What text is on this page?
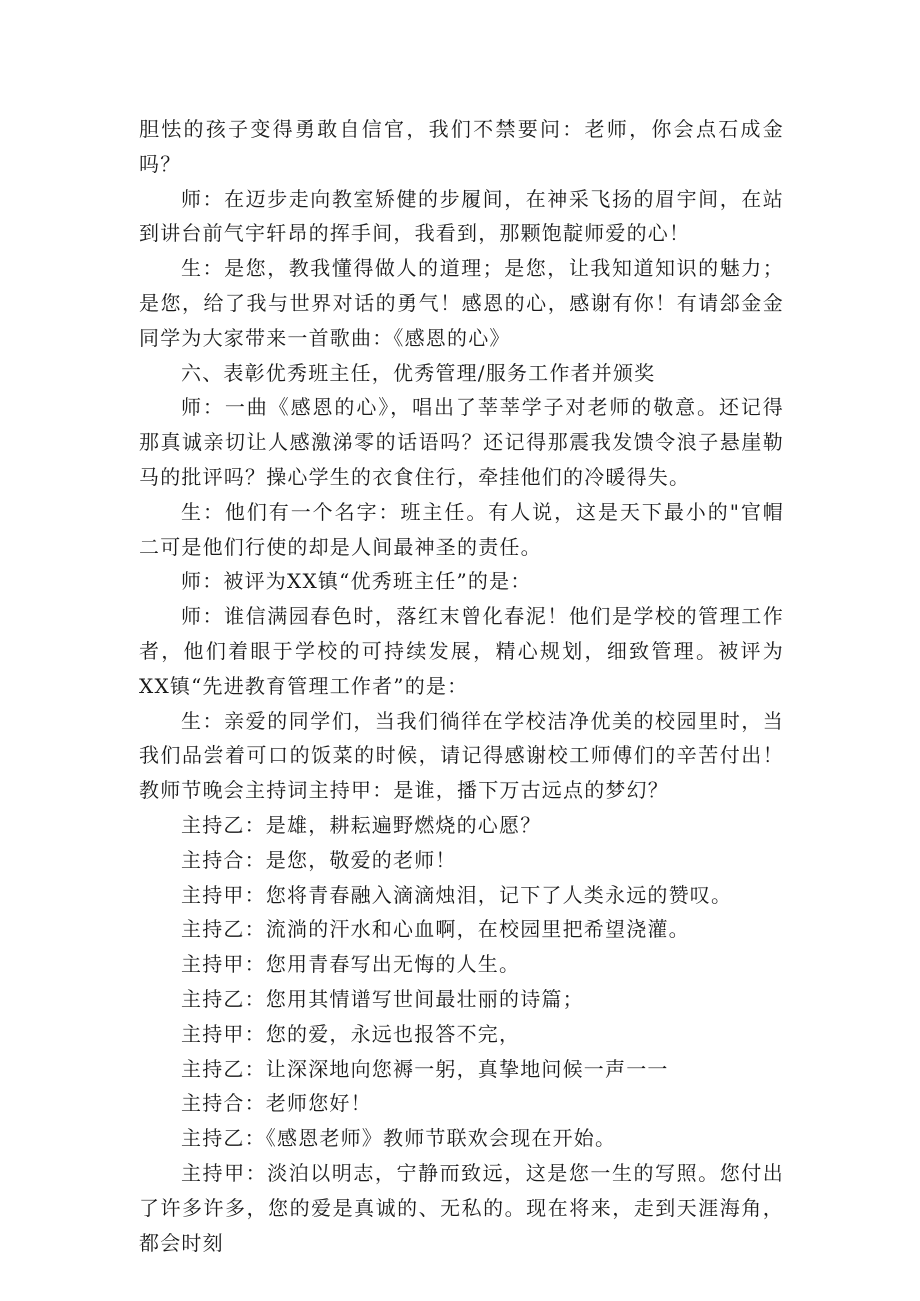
胆怯的孩子变得勇敢自信官，我们不禁要问：老师，你会点石成金吗？

师：在迈步走向教室矫健的步履间，在神采飞扬的眉宇间，在站到讲台前气宇轩昂的挥手间，我看到，那颗饱靛师爱的心！

生：是您，教我懂得做人的道理；是您，让我知道知识的魅力；是您，给了我与世界对话的勇气！感恩的心，感谢有你！有请郐金金同学为大家带来一首歌曲：《感恩的心》

六、表彰优秀班主任，优秀管理/服务工作者并颁奖

师：一曲《感恩的心》，唱出了莘莘学子对老师的敬意。还记得那真诚亲切让人感激涕零的话语吗？还记得那震我发馈令浪子悬崖勒马的批评吗？操心学生的衣食住行，牵挂他们的冷暖得失。

生：他们有一个名字：班主任。有人说，这是天下最小的"官帽二可是他们行使的却是人间最神圣的责任。

师：被评为XX镇“优秀班主任”的是：

师：谁信满园春色时，落红末曾化春泥！他们是学校的管理工作者，他们着眼于学校的可持续发展，精心规划，细致管理。被评为XX镇“先进教育管理工作者”的是：

生：亲爱的同学们，当我们徜徉在学校洁净优美的校园里时，当我们品尝着可口的饭菜的时候，请记得感谢校工师傅们的辛苦付出！教师节晚会主持词主持甲：是谁，播下万古远点的梦幻？

主持乙：是雄，耕耘遍野燃烧的心愿？

主持合：是您，敬爱的老师！

主持甲：您将青春融入滴滴烛泪，记下了人类永远的赞叹。

主持乙：流淌的汗水和心血啊，在校园里把希望浇灌。

主持甲：您用青春写出无悔的人生。

主持乙：您用其情谱写世间最壮丽的诗篇；

主持甲：您的爱，永远也报答不完，

主持乙：让深深地向您褥一躬，真挚地问候一声一一

主持合：老师您好！

主持乙：《感恩老师》教师节联欢会现在开始。

主持甲：淡泊以明志，宁静而致远，这是您一生的写照。您付出了许多许多，您的爱是真诚的、无私的。现在将来，走到天涯海角，都会时刻
